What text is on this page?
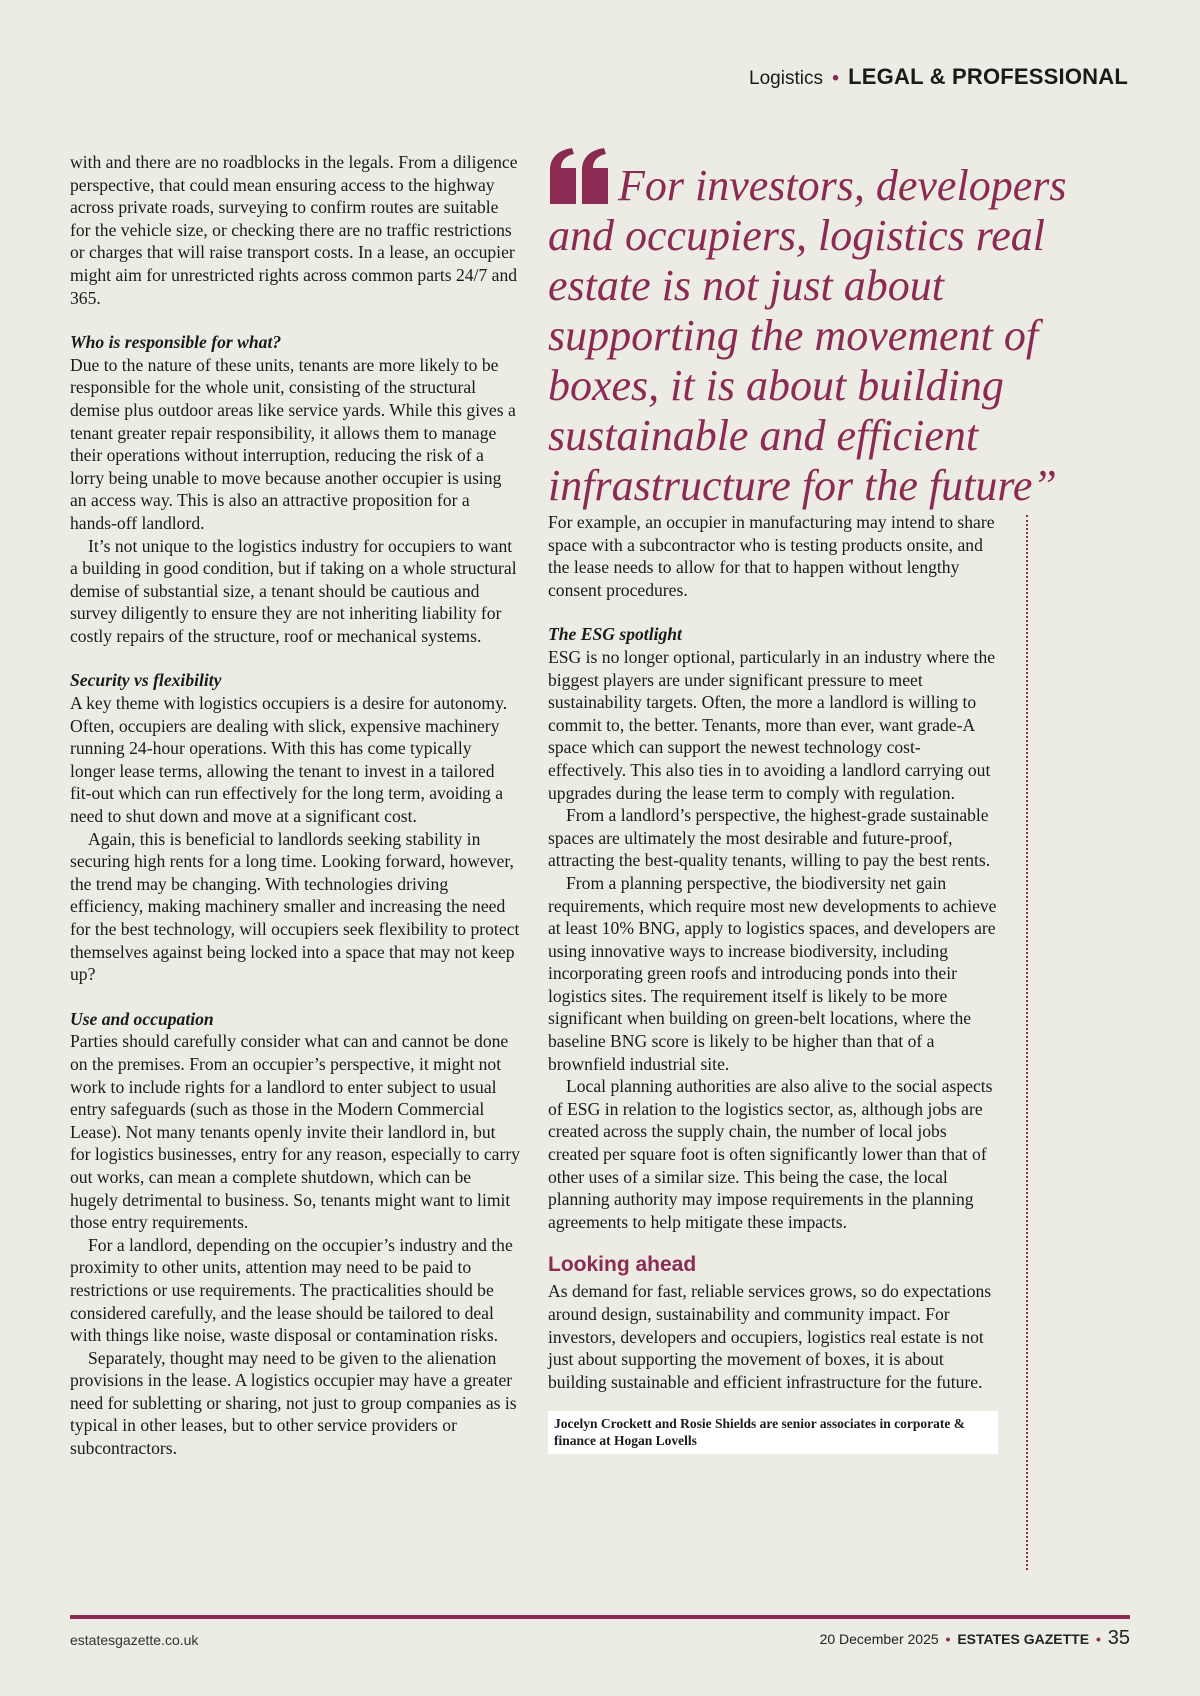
Logistics • LEGAL & PROFESSIONAL

with and there are no roadblocks in the legals. From a diligence perspective, that could mean ensuring access to the highway across private roads, surveying to confirm routes are suitable for the vehicle size, or checking there are no traffic restrictions or charges that will raise transport costs. In a lease, an occupier might aim for unrestricted rights across common parts 24/7 and 365.

Who is responsible for what?

Due to the nature of these units, tenants are more likely to be responsible for the whole unit, consisting of the structural demise plus outdoor areas like service yards. While this gives a tenant greater repair responsibility, it allows them to manage their operations without interruption, reducing the risk of a lorry being unable to move because another occupier is using an access way. This is also an attractive proposition for a hands-off landlord.

It’s not unique to the logistics industry for occupiers to want a building in good condition, but if taking on a whole structural demise of substantial size, a tenant should be cautious and survey diligently to ensure they are not inheriting liability for costly repairs of the structure, roof or mechanical systems.

Security vs flexibility

A key theme with logistics occupiers is a desire for autonomy. Often, occupiers are dealing with slick, expensive machinery running 24-hour operations. With this has come typically longer lease terms, allowing the tenant to invest in a tailored fit-out which can run effectively for the long term, avoiding a need to shut down and move at a significant cost.

Again, this is beneficial to landlords seeking stability in securing high rents for a long time. Looking forward, however, the trend may be changing. With technologies driving efficiency, making machinery smaller and increasing the need for the best technology, will occupiers seek flexibility to protect themselves against being locked into a space that may not keep up?

Use and occupation

Parties should carefully consider what can and cannot be done on the premises. From an occupier’s perspective, it might not work to include rights for a landlord to enter subject to usual entry safeguards (such as those in the Modern Commercial Lease). Not many tenants openly invite their landlord in, but for logistics businesses, entry for any reason, especially to carry out works, can mean a complete shutdown, which can be hugely detrimental to business. So, tenants might want to limit those entry requirements.

For a landlord, depending on the occupier’s industry and the proximity to other units, attention may need to be paid to restrictions or use requirements. The practicalities should be considered carefully, and the lease should be tailored to deal with things like noise, waste disposal or contamination risks.

Separately, thought may need to be given to the alienation provisions in the lease. A logistics occupier may have a greater need for subletting or sharing, not just to group companies as is typical in other leases, but to other service providers or subcontractors.

For investors, developers and occupiers, logistics real estate is not just about supporting the movement of boxes, it is about building sustainable and efficient infrastructure for the future”

For example, an occupier in manufacturing may intend to share space with a subcontractor who is testing products onsite, and the lease needs to allow for that to happen without lengthy consent procedures.

The ESG spotlight

ESG is no longer optional, particularly in an industry where the biggest players are under significant pressure to meet sustainability targets. Often, the more a landlord is willing to commit to, the better. Tenants, more than ever, want grade-A space which can support the newest technology cost-effectively. This also ties in to avoiding a landlord carrying out upgrades during the lease term to comply with regulation.

From a landlord’s perspective, the highest-grade sustainable spaces are ultimately the most desirable and future-proof, attracting the best-quality tenants, willing to pay the best rents.

From a planning perspective, the biodiversity net gain requirements, which require most new developments to achieve at least 10% BNG, apply to logistics spaces, and developers are using innovative ways to increase biodiversity, including incorporating green roofs and introducing ponds into their logistics sites. The requirement itself is likely to be more significant when building on green-belt locations, where the baseline BNG score is likely to be higher than that of a brownfield industrial site.

Local planning authorities are also alive to the social aspects of ESG in relation to the logistics sector, as, although jobs are created across the supply chain, the number of local jobs created per square foot is often significantly lower than that of other uses of a similar size. This being the case, the local planning authority may impose requirements in the planning agreements to help mitigate these impacts.

Looking ahead

As demand for fast, reliable services grows, so do expectations around design, sustainability and community impact. For investors, developers and occupiers, logistics real estate is not just about supporting the movement of boxes, it is about building sustainable and efficient infrastructure for the future.

Jocelyn Crockett and Rosie Shields are senior associates in corporate & finance at Hogan Lovells
estatesgazette.co.uk	20 December 2025 • ESTATES GAZETTE • 35
